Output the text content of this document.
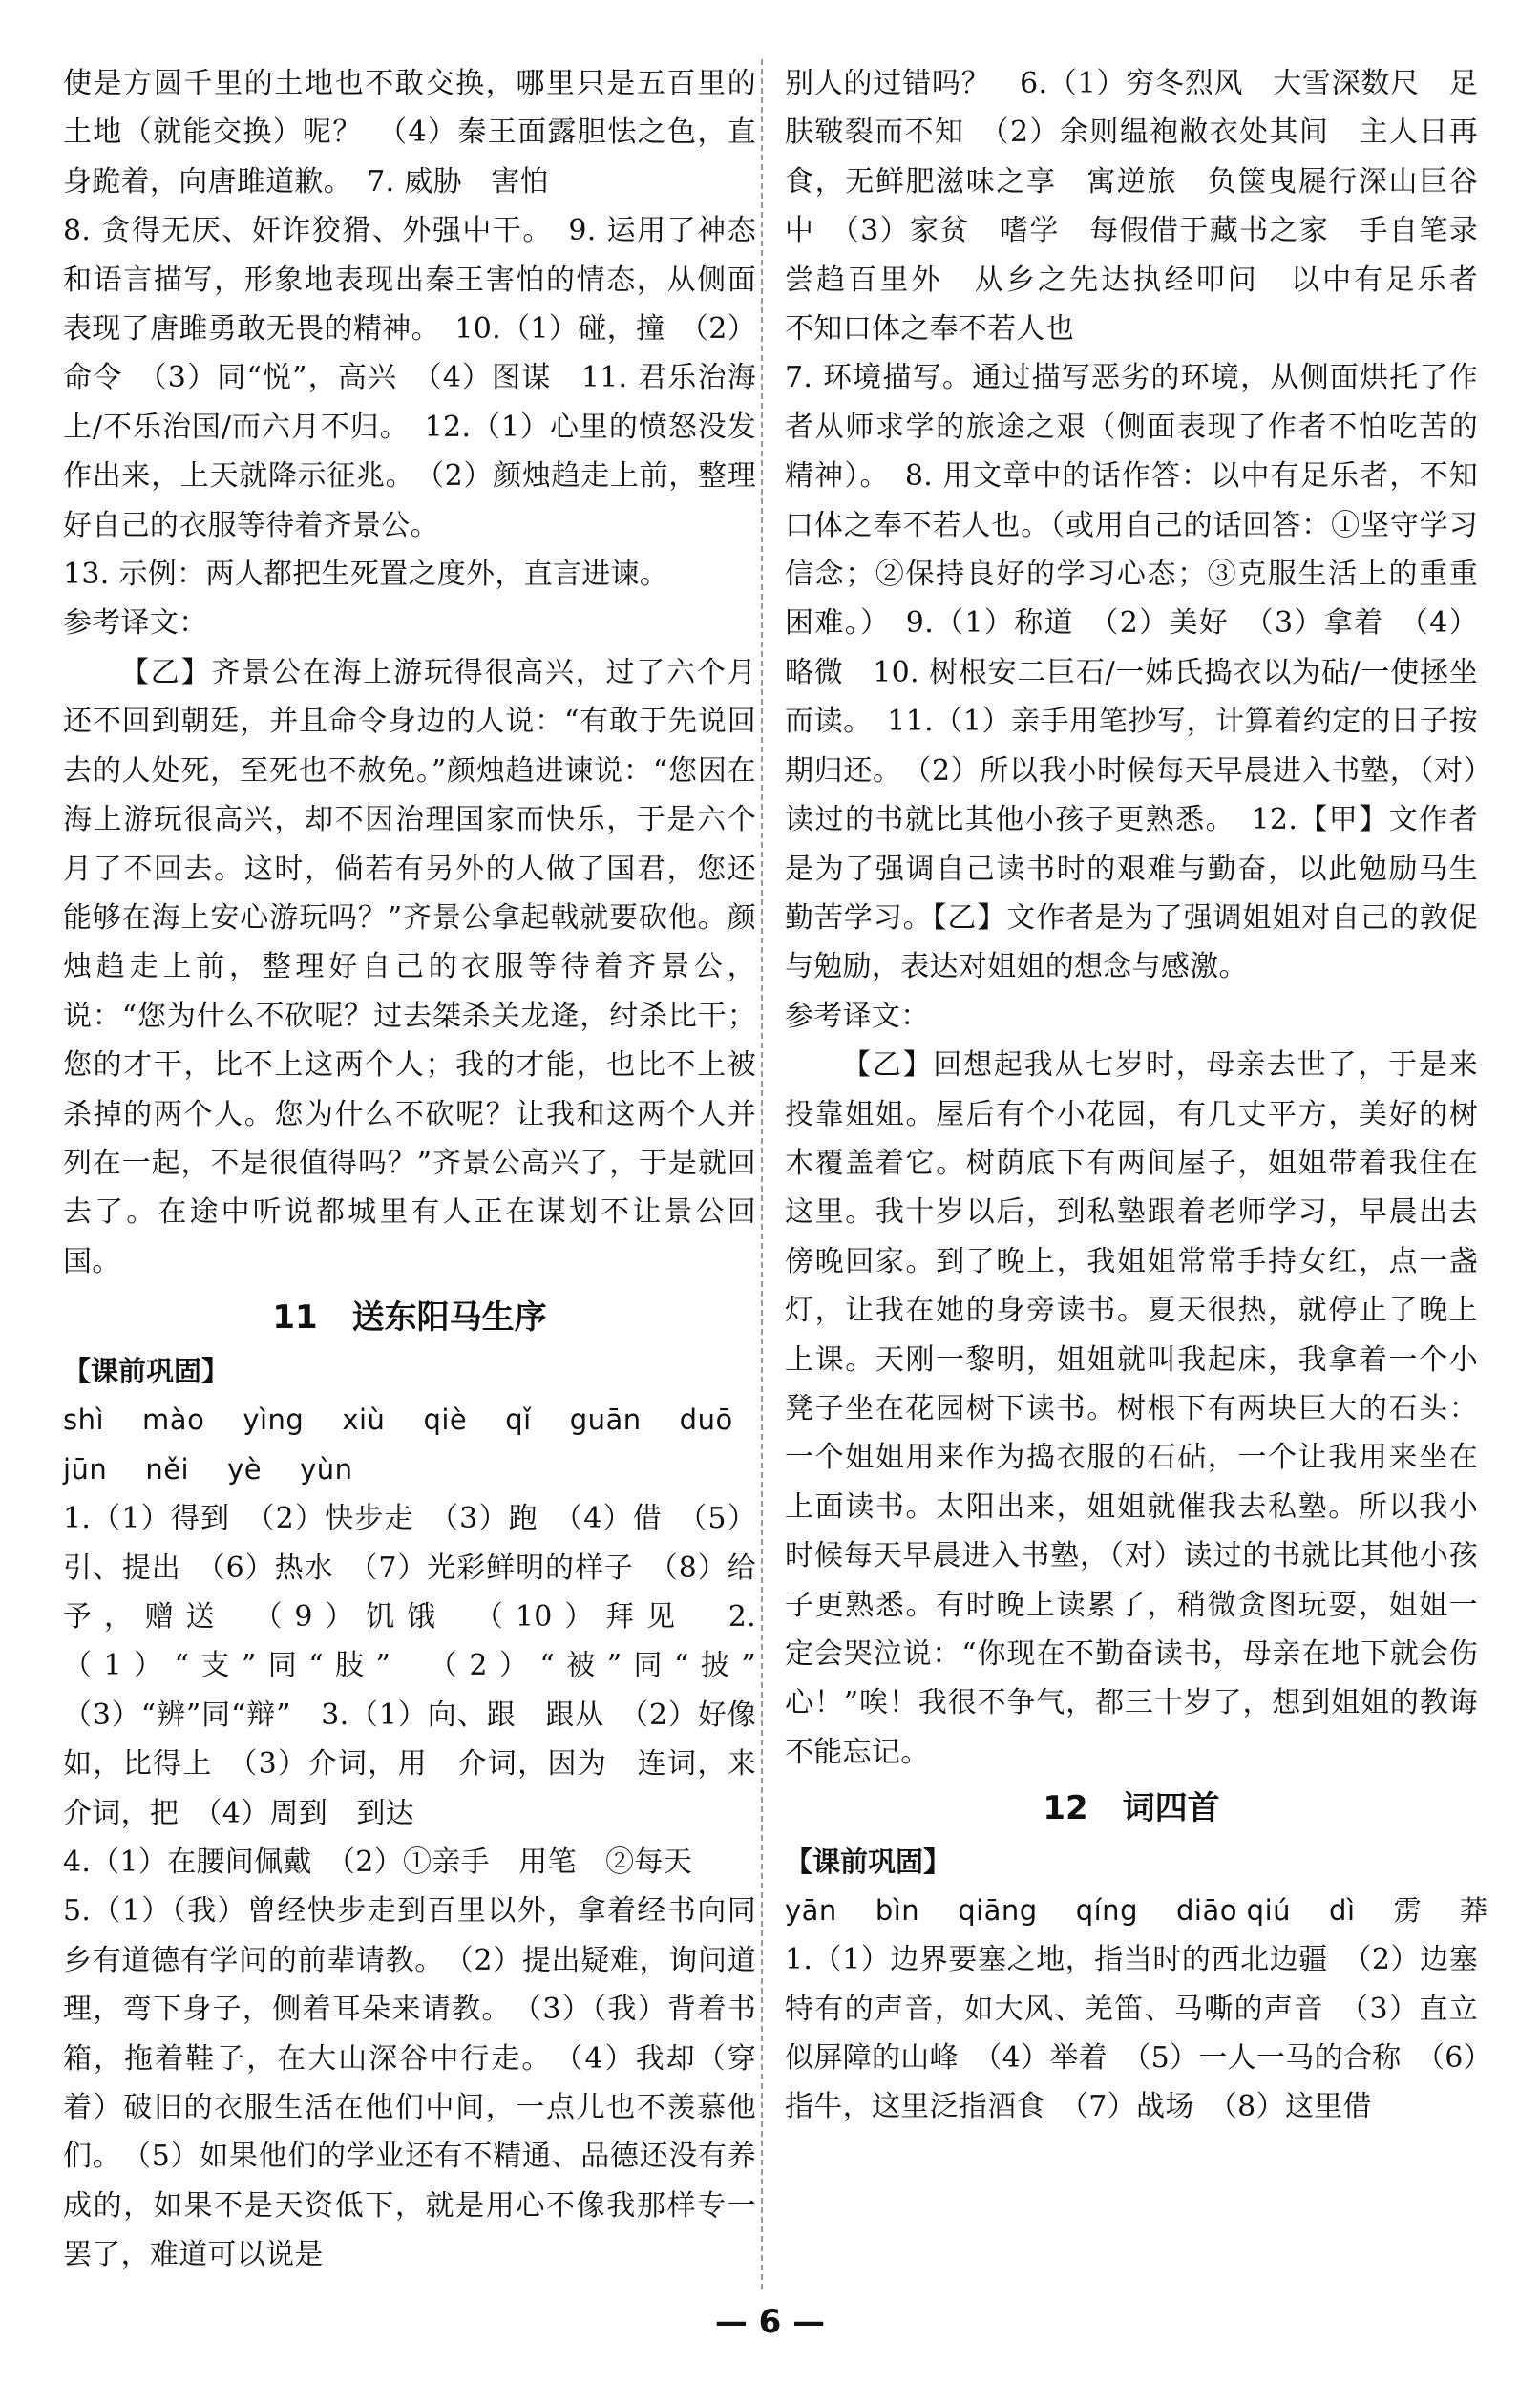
使是方圆千里的土地也不敢交换，哪里只是五百里的土地（就能交换）呢？　（4）秦王面露胆怯之色，直身跪着，向唐雎道歉。　7. 威胁　害怕

8. 贪得无厌、奸诈狡猾、外强中干。　9. 运用了神态和语言描写，形象地表现出秦王害怕的情态，从侧面表现了唐雎勇敢无畏的精神。　10.（1）碰，撞　（2）命令　（3）同“悦”，高兴　（4）图谋　11. 君乐治海上/不乐治国/而六月不归。　12.（1）心里的愤怒没发作出来，上天就降示征兆。　（2）颜烛趋走上前，整理好自己的衣服等待着齐景公。

13. 示例：两人都把生死置之度外，直言进谏。

参考译文：

【乙】齐景公在海上游玩得很高兴，过了六个月还不回到朝廷，并且命令身边的人说：“有敢于先说回去的人处死，至死也不赦免。”颜烛趋进谏说：“您因在海上游玩很高兴，却不因治理国家而快乐，于是六个月了不回去。这时，倘若有另外的人做了国君，您还能够在海上安心游玩吗？”齐景公拿起戟就要砍他。颜烛趋走上前，整理好自己的衣服等待着齐景公，说：“您为什么不砍呢？过去桀杀关龙逄，纣杀比干；您的才干，比不上这两个人；我的才能，也比不上被杀掉的两个人。您为什么不砍呢？让我和这两个人并列在一起，不是很值得吗？”齐景公高兴了，于是就回去了。在途中听说都城里有人正在谋划不让景公回国。

11 送东阳马生序

【课前巩固】

shì mào yìng xiù qiè qǐ guān duō

jūn něi yè yùn

1.（1）得到　（2）快步走　（3）跑　（4）借　（5）引、提出　（6）热水　（7）光彩鲜明的样子　（8）给予，赠送　（9）饥饿　（10）拜见　2.（1）“支”同“肢”　（2）“被”同“披”　（3）“辨”同“辩”　3.（1）向、跟　跟从　（2）好像　如，比得上　（3）介词，用　介词，因为　连词，来　介词，把　（4）周到　到达

4.（1）在腰间佩戴　（2）①亲手　用笔　②每天

5.（1）（我）曾经快步走到百里以外，拿着经书向同乡有道德有学问的前辈请教。　（2）提出疑难，询问道理，弯下身子，侧着耳朵来请教。　（3）（我）背着书箱，拖着鞋子，在大山深谷中行走。　（4）我却（穿着）破旧的衣服生活在他们中间，一点儿也不羡慕他们。　（5）如果他们的学业还有不精通、品德还没有养成的，如果不是天资低下，就是用心不像我那样专一罢了，难道可以说是

别人的过错吗？　6.（1）穷冬烈风　大雪深数尺　足肤皲裂而不知　（2）余则缊袍敝衣处其间　主人日再食，无鲜肥滋味之享　寓逆旅　负箧曳屣行深山巨谷中　（3）家贫　嗜学　每假借于藏书之家　手自笔录　尝趋百里外　从乡之先达执经叩问　以中有足乐者　不知口体之奉不若人也

7. 环境描写。通过描写恶劣的环境，从侧面烘托了作者从师求学的旅途之艰（侧面表现了作者不怕吃苦的精神）。　8. 用文章中的话作答：以中有足乐者，不知口体之奉不若人也。（或用自己的话回答：①坚守学习信念；②保持良好的学习心态；③克服生活上的重重困难。）　9.（1）称道　（2）美好　（3）拿着　（4）略微　10. 树根安二巨石/一姊氏捣衣以为砧/一使拯坐而读。　11.（1）亲手用笔抄写，计算着约定的日子按期归还。　（2）所以我小时候每天早晨进入书塾，（对）读过的书就比其他小孩子更熟悉。　12.【甲】文作者是为了强调自己读书时的艰难与勤奋，以此勉励马生勤苦学习。【乙】文作者是为了强调姐姐对自己的敦促与勉励，表达对姐姐的想念与感激。

参考译文：

【乙】回想起我从七岁时，母亲去世了，于是来投靠姐姐。屋后有个小花园，有几丈平方，美好的树木覆盖着它。树荫底下有两间屋子，姐姐带着我住在这里。我十岁以后，到私塾跟着老师学习，早晨出去傍晚回家。到了晚上，我姐姐常常手持女红，点一盏灯，让我在她的身旁读书。夏天很热，就停止了晚上上课。天刚一黎明，姐姐就叫我起床，我拿着一个小凳子坐在花园树下读书。树根下有两块巨大的石头：一个姐姐用来作为捣衣服的石砧，一个让我用来坐在上面读书。太阳出来，姐姐就催我去私塾。所以我小时候每天早晨进入书塾，（对）读过的书就比其他小孩子更熟悉。有时晚上读累了，稍微贪图玩耍，姐姐一定会哭泣说：“你现在不勤奋读书，母亲在地下就会伤心！”唉！我很不争气，都三十岁了，想到姐姐的教诲不能忘记。

12 词四首

【课前巩固】

yān bìn qiāng qíng diāo qiú dì 雳 莽

1.（1）边界要塞之地，指当时的西北边疆　（2）边塞特有的声音，如大风、羌笛、马嘶的声音　（3）直立似屏障的山峰　（4）举着　（5）一人一马的合称　（6）指牛，这里泛指酒食　（7）战场　（8）这里借

— 6 —
